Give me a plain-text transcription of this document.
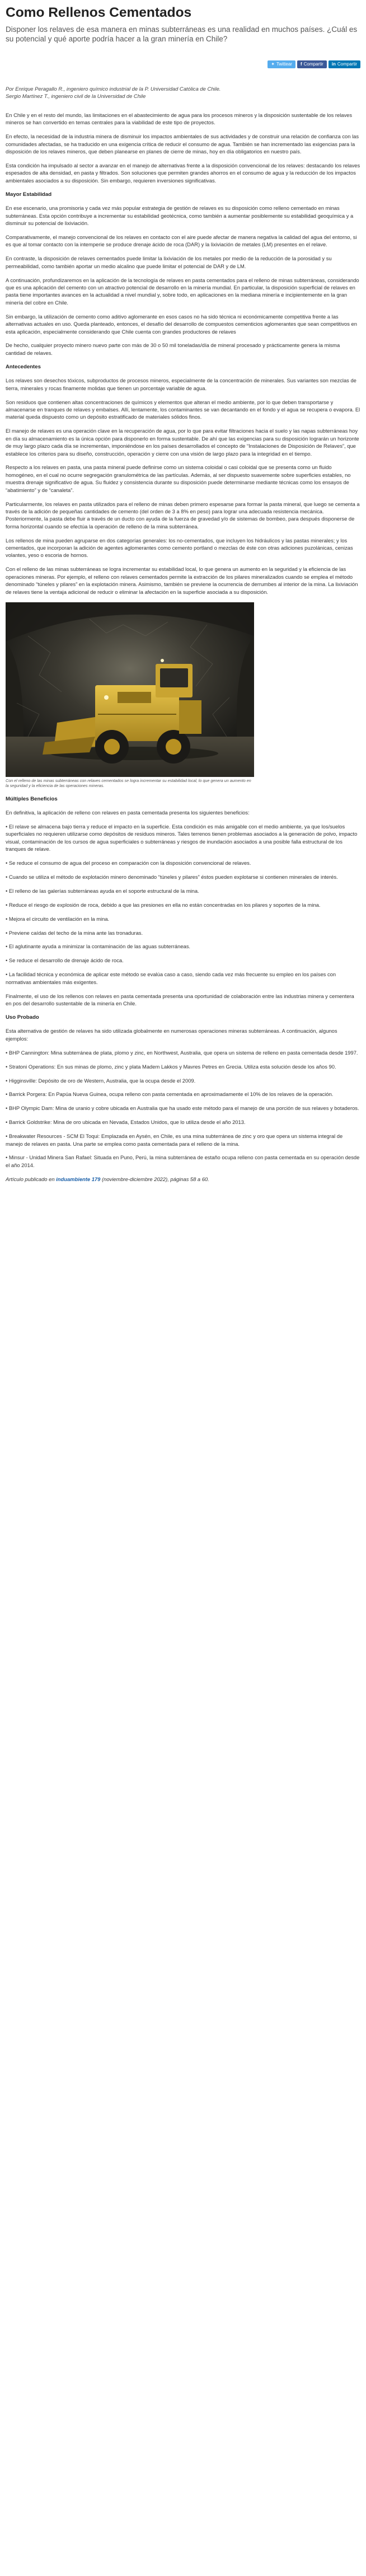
Como Rellenos Cementados

Disponer los relaves de esa manera en minas subterráneas es una realidad en muchos países. ¿Cuál es su potencial y qué aporte podría hacer a la gran minería en Chile?

✦ Twittear f Compartir in Compartir

Por Enrique Peragallo R., ingeniero químico industrial de la P. Universidad Católica de Chile.

Sergio Martínez T., ingeniero civil de la Universidad de Chile

En Chile y en el resto del mundo, las limitaciones en el abastecimiento de agua para los procesos mineros y la disposición sustentable de los relaves mineros se han convertido en temas centrales para la viabilidad de este tipo de proyectos.

En efecto, la necesidad de la industria minera de disminuir los impactos ambientales de sus actividades y de construir una relación de confianza con las comunidades afectadas, se ha traducido en una exigencia crítica de reducir el consumo de agua. También se han incrementado las exigencias para la disposición de los relaves mineros, que deben planearse en planes de cierre de minas, hoy en día obligatorios en nuestro país.

Esta condición ha impulsado al sector a avanzar en el manejo de alternativas frente a la disposición convencional de los relaves: destacando los relaves espesados de alta densidad, en pasta y filtrados. Son soluciones que permiten grandes ahorros en el consumo de agua y la reducción de los impactos ambientales asociados a su disposición. Sin embargo, requieren inversiones significativas.

Mayor Estabilidad

En ese escenario, una promisoria y cada vez más popular estrategia de gestión de relaves es su disposición como relleno cementado en minas subterráneas. Esta opción contribuye a incrementar su estabilidad geotécnica, como también a aumentar posiblemente su estabilidad geoquímica y a disminuir su potencial de lixiviación.

Comparativamente, el manejo convencional de los relaves en contacto con el aire puede afectar de manera negativa la calidad del agua del entorno, si es que al tomar contacto con la intemperie se produce drenaje ácido de roca (DAR) y la lixiviación de metales (LM) presentes en el relave.

En contraste, la disposición de relaves cementados puede limitar la lixiviación de los metales por medio de la reducción de la porosidad y su permeabilidad, como también aportar un medio alcalino que puede limitar el potencial de DAR y de LM.

A continuación, profundizaremos en la aplicación de la tecnología de relaves en pasta cementados para el relleno de minas subterráneas, considerando que es una aplicación del cemento con un atractivo potencial de desarrollo en la minería mundial. En particular, la disposición superficial de relaves en pasta tiene importantes avances en la actualidad a nivel mundial y, sobre todo, en aplicaciones en la mediana minería e incipientemente en la gran minería del cobre en Chile.

Sin embargo, la utilización de cemento como aditivo aglomerante en esos casos no ha sido técnica ni económicamente competitiva frente a las alternativas actuales en uso. Queda planteado, entonces, el desafío del desarrollo de compuestos cementicios aglomerantes que sean competitivos en esta aplicación, especialmente considerando que Chile cuenta con grandes productores de relaves

De hecho, cualquier proyecto minero nuevo parte con más de 30 o 50 mil toneladas/día de mineral procesado y prácticamente genera la misma cantidad de relaves.

Antecedentes

Los relaves son desechos tóxicos, subproductos de procesos mineros, especialmente de la concentración de minerales. Sus variantes son mezclas de tierra, minerales y rocas finamente molidas que tienen un porcentaje variable de agua.

Son residuos que contienen altas concentraciones de químicos y elementos que alteran el medio ambiente, por lo que deben transportarse y almacenarse en tranques de relaves y embalses. Allí, lentamente, los contaminantes se van decantando en el fondo y el agua se recupera o evapora. El material queda dispuesto como un depósito estratificado de materiales sólidos finos.

El manejo de relaves es una operación clave en la recuperación de agua, por lo que para evitar filtraciones hacia el suelo y las napas subterráneas hoy en día su almacenamiento es la única opción para disponerlo en forma sustentable. De ahí que las exigencias para su disposición lograrán un horizonte de muy largo plazo cada día se incrementan, imponiéndose en los países desarrollados el concepto de “Instalaciones de Disposición de Relaves”, que establece los criterios para su diseño, construcción, operación y cierre con una visión de largo plazo para la integridad en el tiempo.

Respecto a los relaves en pasta, una pasta mineral puede definirse como un sistema coloidal o casi coloidal que se presenta como un fluido homogéneo, en el cual no ocurre segregación granulométrica de las partículas. Además, al ser dispuesto suavemente sobre superficies estables, no muestra drenaje significativo de agua. Su fluidez y consistencia durante su disposición puede determinarse mediante técnicas como los ensayos de “abatimiento” y de “canaleta”.

Particularmente, los relaves en pasta utilizados para el relleno de minas deben primero espesarse para formar la pasta mineral, que luego se cementa a través de la adición de pequeñas cantidades de cemento (del orden de 3 a 8% en peso) para lograr una adecuada resistencia mecánica. Posteriormente, la pasta debe fluir a través de un ducto con ayuda de la fuerza de gravedad y/o de sistemas de bombeo, para después disponerse de forma horizontal cuando se efectúa la operación de relleno de la mina subterránea.

Los rellenos de mina pueden agruparse en dos categorías generales: los no-cementados, que incluyen los hidráulicos y las pastas minerales; y los cementados, que incorporan la adición de agentes aglomerantes como cemento portland o mezclas de éste con otras adiciones puzolánicas, cenizas volantes, yeso o escoria de hornos.

Con el relleno de las minas subterráneas se logra incrementar su estabilidad local, lo que genera un aumento en la seguridad y la eficiencia de las operaciones mineras. Por ejemplo, el relleno con relaves cementados permite la extracción de los pilares mineralizados cuando se emplea el método denominado “túneles y pilares” en la explotación minera. Asimismo, también se previene la ocurrencia de derrumbes al interior de la mina. La lixiviación de relaves tiene la ventaja adicional de reducir o eliminar la afectación en la superficie asociada a su disposición.

Con el relleno de las minas subterráneas con relaves cementados se logra incrementar su estabilidad local, lo que genera un aumento en la seguridad y la eficiencia de las operaciones mineras.
Múltiples Beneficios

En definitiva, la aplicación de relleno con relaves en pasta cementada presenta los siguientes beneficios:

• El relave se almacena bajo tierra y reduce el impacto en la superficie. Esta condición es más amigable con el medio ambiente, ya que los/suelos superficiales no requieren utilizarse como depósitos de residuos mineros. Tales terrenos tienen problemas asociados a la generación de polvo, impacto visual, contaminación de los cursos de agua superficiales o subterráneas y riesgos de inundación asociados a una posible falla estructural de los tranques de relave.

• Se reduce el consumo de agua del proceso en comparación con la disposición convencional de relaves.

• Cuando se utiliza el método de explotación minero denominado “túneles y pilares” éstos pueden explotarse si contienen minerales de interés.

• El relleno de las galerías subterráneas ayuda en el soporte estructural de la mina.

• Reduce el riesgo de explosión de roca, debido a que las presiones en ella no están concentradas en los pilares y soportes de la mina.

• Mejora el circuito de ventilación en la mina.

• Previene caídas del techo de la mina ante las tronaduras.

• El aglutinante ayuda a minimizar la contaminación de las aguas subterráneas.

• Se reduce el desarrollo de drenaje ácido de roca.

• La facilidad técnica y económica de aplicar este método se evalúa caso a caso, siendo cada vez más frecuente su empleo en los países con normativas ambientales más exigentes.

Finalmente, el uso de los rellenos con relaves en pasta cementada presenta una oportunidad de colaboración entre las industrias minera y cementera en pos del desarrollo sustentable de la minería en Chile.

Uso Probado

Esta alternativa de gestión de relaves ha sido utilizada globalmente en numerosas operaciones mineras subterráneas. A continuación, algunos ejemplos:

• BHP Cannington: Mina subterránea de plata, plomo y zinc, en Northwest, Australia, que opera un sistema de relleno en pasta cementada desde 1997.

• Stratoni Operations: En sus minas de plomo, zinc y plata Madem Lakkos y Mavres Petres en Grecia. Utiliza esta solución desde los años 90.

• Higginsville: Depósito de oro de Western, Australia, que la ocupa desde el 2009.

• Barrick Porgera: En Papúa Nueva Guinea, ocupa relleno con pasta cementada en aproximadamente el 10% de los relaves de la operación.

• BHP Olympic Dam: Mina de uranio y cobre ubicada en Australia que ha usado este método para el manejo de una porción de sus relaves y botaderos.

• Barrick Goldstrike: Mina de oro ubicada en Nevada, Estados Unidos, que lo utiliza desde el año 2013.

• Breakwater Resources - SCM El Toqui: Emplazada en Aysén, en Chile, es una mina subterránea de zinc y oro que opera un sistema integral de manejo de relaves en pasta. Una parte se emplea como pasta cementada para el relleno de la mina.

• Minsur - Unidad Minera San Rafael: Situada en Puno, Perú, la mina subterránea de estaño ocupa relleno con pasta cementada en su operación desde el año 2014.

Artículo publicado en induambiente 179 (noviembre-diciembre 2022), páginas 58 a 60.
